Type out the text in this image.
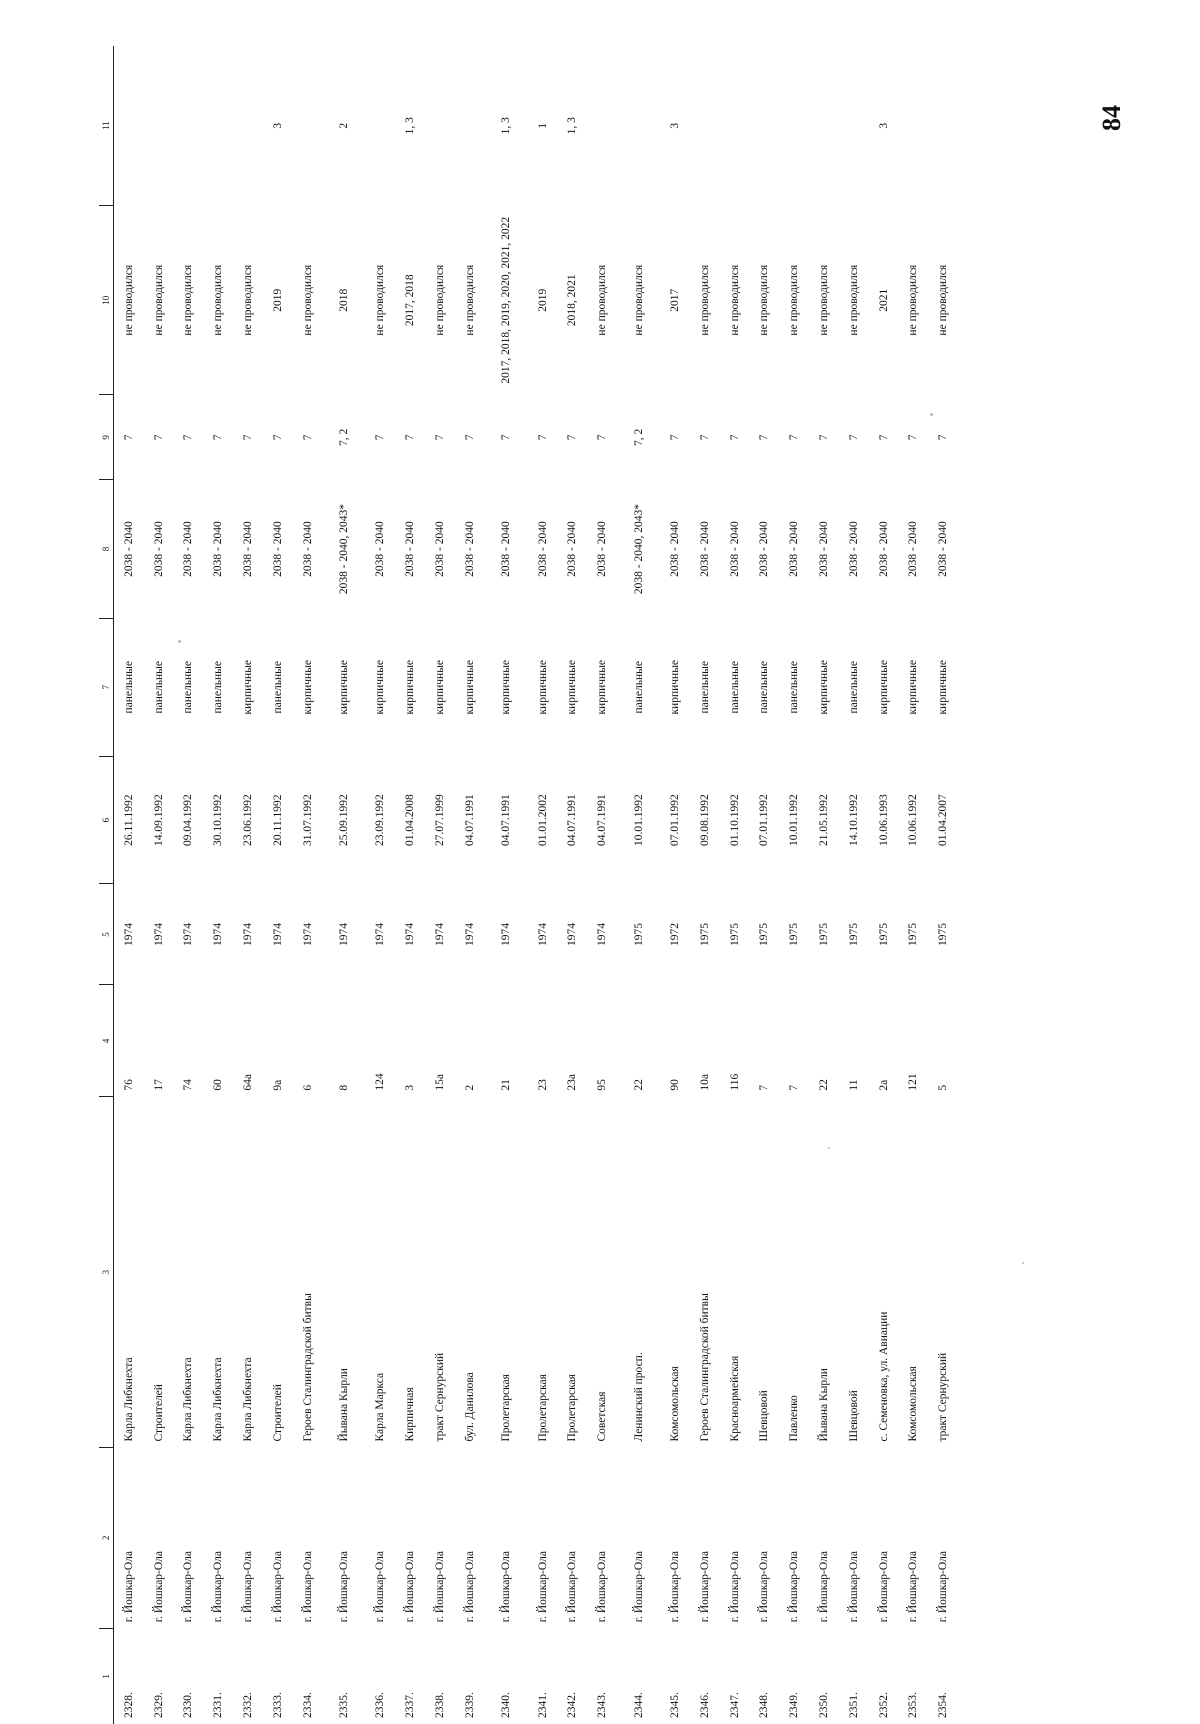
84
1	2	3	4	5	6	7	8	9	10	11
2328.	г. Йошкар-Ола	Карла Либкнехта	76	1974	26.11.1992	панельные	2038 - 2040	7	не проводился	
2329.	г. Йошкар-Ола	Строителей	17	1974	14.09.1992	панельные	2038 - 2040	7	не проводился	
2330.	г. Йошкар-Ола	Карла Либкнехта	74	1974	09.04.1992	панельные	2038 - 2040	7	не проводился	
2331.	г. Йошкар-Ола	Карла Либкнехта	60	1974	30.10.1992	панельные	2038 - 2040	7	не проводился	
2332.	г. Йошкар-Ола	Карла Либкнехта	64а	1974	23.06.1992	кирпичные	2038 - 2040	7	не проводился	
2333.	г. Йошкар-Ола	Строителей	9а	1974	20.11.1992	панельные	2038 - 2040	7	2019	3
2334.	г. Йошкар-Ола	Героев Сталинградской битвы	6	1974	31.07.1992	кирпичные	2038 - 2040	7	не проводился	
2335.	г. Йошкар-Ола	Йывана Кырли	8	1974	25.09.1992	кирпичные	2038 - 2040, 2043*	7, 2	2018	2
2336.	г. Йошкар-Ола	Карла Маркса	124	1974	23.09.1992	кирпичные	2038 - 2040	7	не проводился	
2337.	г. Йошкар-Ола	Кирпичная	3	1974	01.04.2008	кирпичные	2038 - 2040	7	2017, 2018	1, 3
2338.	г. Йошкар-Ола	тракт Сернурский	15а	1974	27.07.1999	кирпичные	2038 - 2040	7	не проводился	
2339.	г. Йошкар-Ола	бул. Данилова	2	1974	04.07.1991	кирпичные	2038 - 2040	7	не проводился	
2340.	г. Йошкар-Ола	Пролетарская	21	1974	04.07.1991	кирпичные	2038 - 2040	7	2017, 2018, 2019, 2020, 2021, 2022	1, 3
2341.	г. Йошкар-Ола	Пролетарская	23	1974	01.01.2002	кирпичные	2038 - 2040	7	2019	1
2342.	г. Йошкар-Ола	Пролетарская	23а	1974	04.07.1991	кирпичные	2038 - 2040	7	2018, 2021	1, 3
2343.	г. Йошкар-Ола	Советская	95	1974	04.07.1991	кирпичные	2038 - 2040	7	не проводился	
2344.	г. Йошкар-Ола	Ленинский просп.	22	1975	10.01.1992	панельные	2038 - 2040, 2043*	7, 2	не проводился	
2345.	г. Йошкар-Ола	Комсомольская	90	1972	07.01.1992	кирпичные	2038 - 2040	7	2017	3
2346.	г. Йошкар-Ола	Героев Сталинградской битвы	10а	1975	09.08.1992	панельные	2038 - 2040	7	не проводился	
2347.	г. Йошкар-Ола	Красноармейская	116	1975	01.10.1992	панельные	2038 - 2040	7	не проводился	
2348.	г. Йошкар-Ола	Шевцовой	7	1975	07.01.1992	панельные	2038 - 2040	7	не проводился	
2349.	г. Йошкар-Ола	Павленко	7	1975	10.01.1992	панельные	2038 - 2040	7	не проводился	
2350.	г. Йошкар-Ола	Йывана Кырли	22	1975	21.05.1992	кирпичные	2038 - 2040	7	не проводился	
2351.	г. Йошкар-Ола	Шевцовой	11	1975	14.10.1992	панельные	2038 - 2040	7	не проводился	
2352.	г. Йошкар-Ола	с. Семеновка, ул. Авиации	2а	1975	10.06.1993	кирпичные	2038 - 2040	7	2021	3
2353.	г. Йошкар-Ола	Комсомольская	121	1975	10.06.1992	кирпичные	2038 - 2040	7	не проводился	
2354.	г. Йошкар-Ола	тракт Сернурский	5	1975	01.04.2007	кирпичные	2038 - 2040	7	не проводился	
